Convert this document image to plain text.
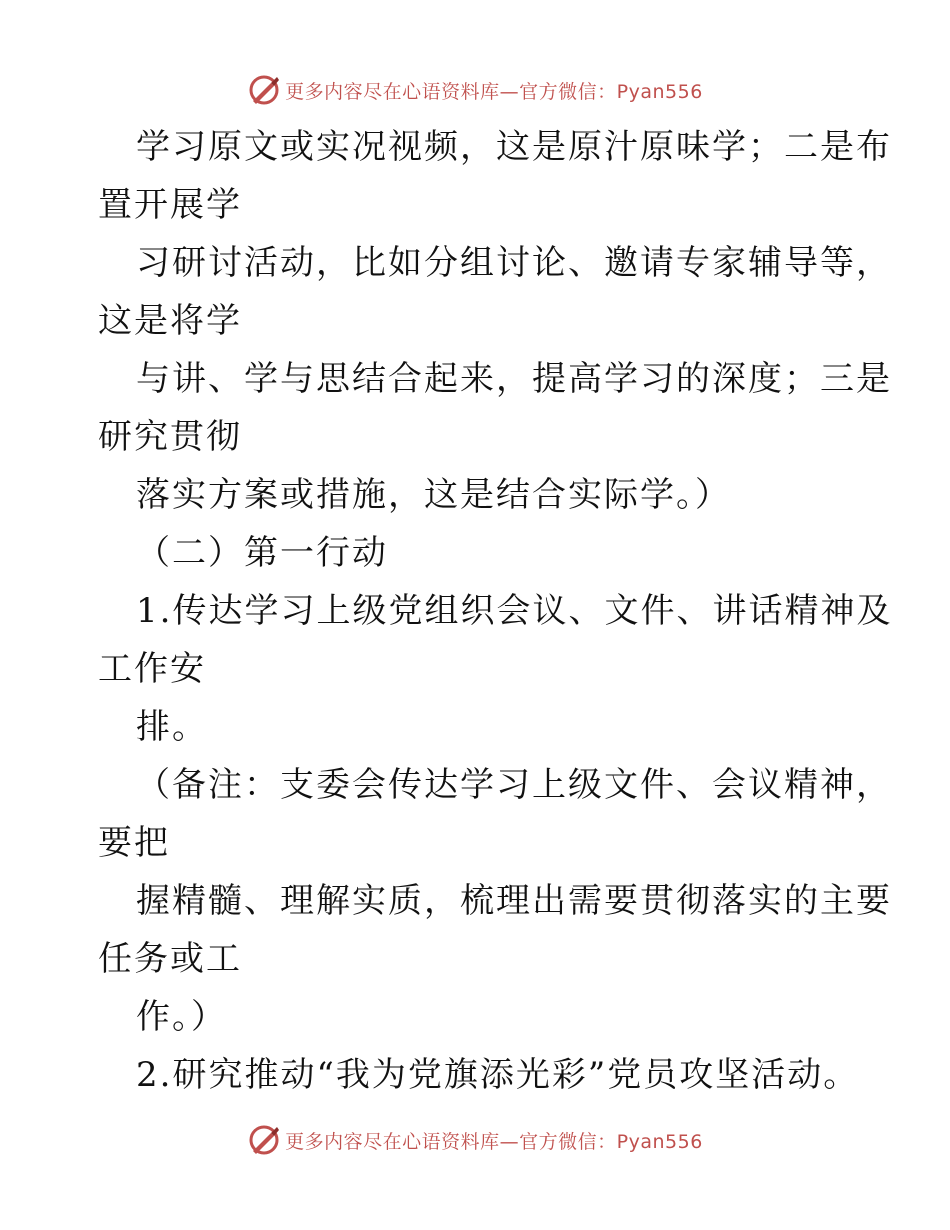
更多内容尽在心语资料库—官方微信：Pyan556
学习原文或实况视频，这是原汁原味学；二是布
置开展学
习研讨活动，比如分组讨论、邀请专家辅导等，
这是将学
与讲、学与思结合起来，提高学习的深度；三是
研究贯彻
落实方案或措施，这是结合实际学。）
（二）第一行动
1.传达学习上级党组织会议、文件、讲话精神及
工作安
排。
（备注：支委会传达学习上级文件、会议精神，
要把
握精髓、理解实质，梳理出需要贯彻落实的主要
任务或工
作。）
2.研究推动“我为党旗添光彩”党员攻坚活动。
更多内容尽在心语资料库—官方微信：Pyan556
